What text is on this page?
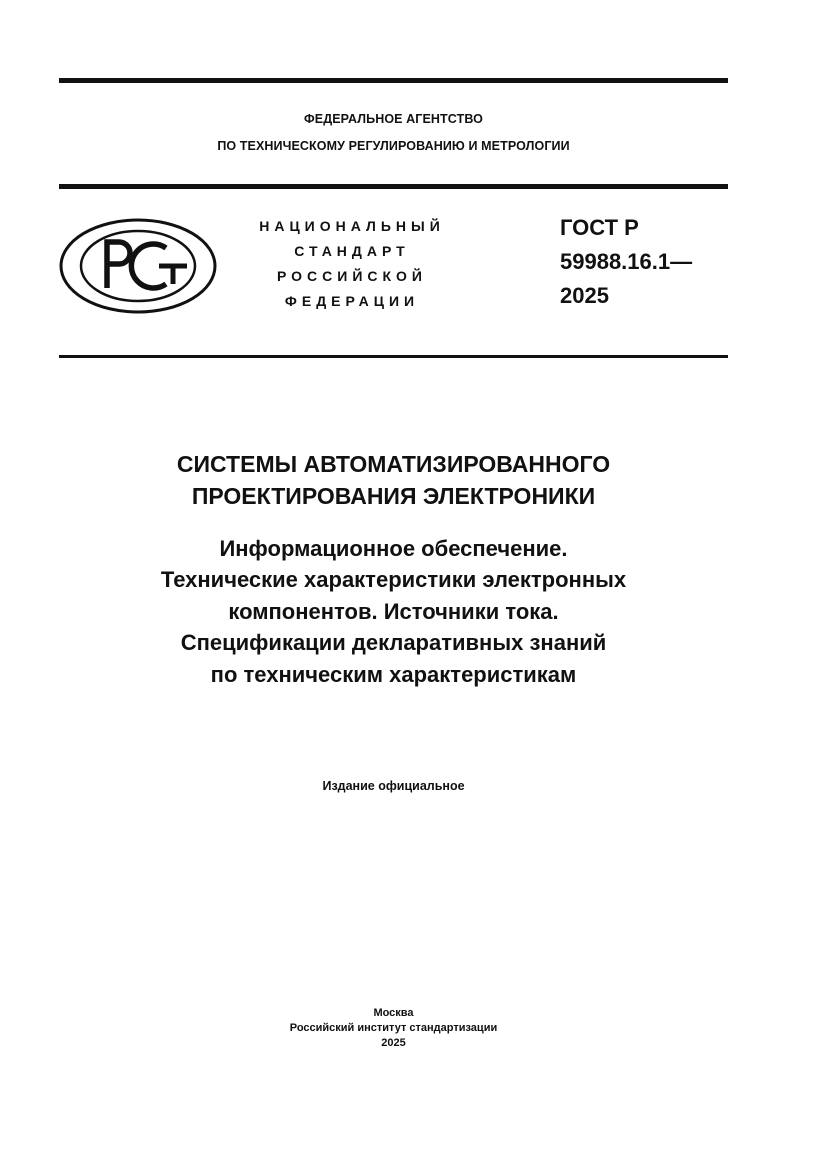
ФЕДЕРАЛЬНОЕ АГЕНТСТВО
ПО ТЕХНИЧЕСКОМУ РЕГУЛИРОВАНИЮ И МЕТРОЛОГИИ
НАЦИОНАЛЬНЫЙ
СТАНДАРТ
РОССИЙСКОЙ
ФЕДЕРАЦИИ
ГОСТ Р
59988.16.1—
2025
СИСТЕМЫ АВТОМАТИЗИРОВАННОГО
ПРОЕКТИРОВАНИЯ ЭЛЕКТРОНИКИ
Информационное обеспечение.
Технические характеристики электронных
компонентов. Источники тока.
Спецификации декларативных знаний
по техническим характеристикам
Издание официальное
Москва
Российский институт стандартизации
2025
